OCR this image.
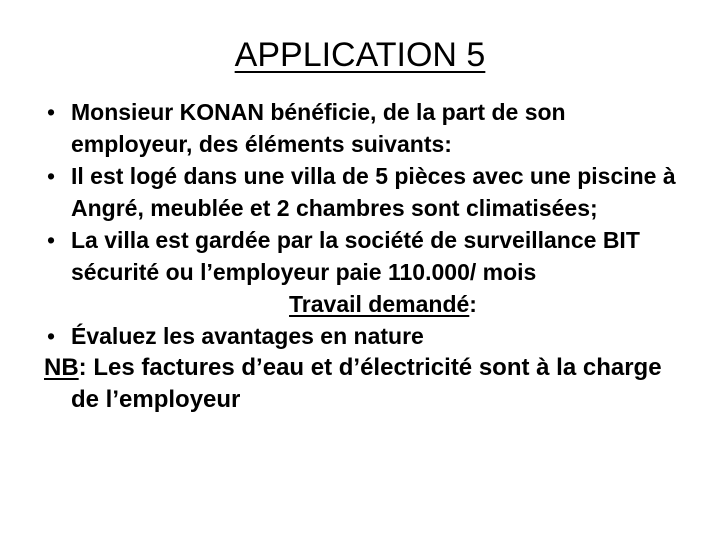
APPLICATION 5

• Monsieur KONAN bénéficie, de la part de son employeur, des éléments suivants:

• Il est logé dans une villa de 5 pièces avec une piscine à Angré, meublée et 2 chambres sont climatisées;

• La villa est gardée par la société de surveillance BIT sécurité ou l’employeur paie 110.000/ mois

Travail demandé:

• Évaluez les avantages en nature

NB: Les factures d’eau et d’électricité sont à la charge de l’employeur
